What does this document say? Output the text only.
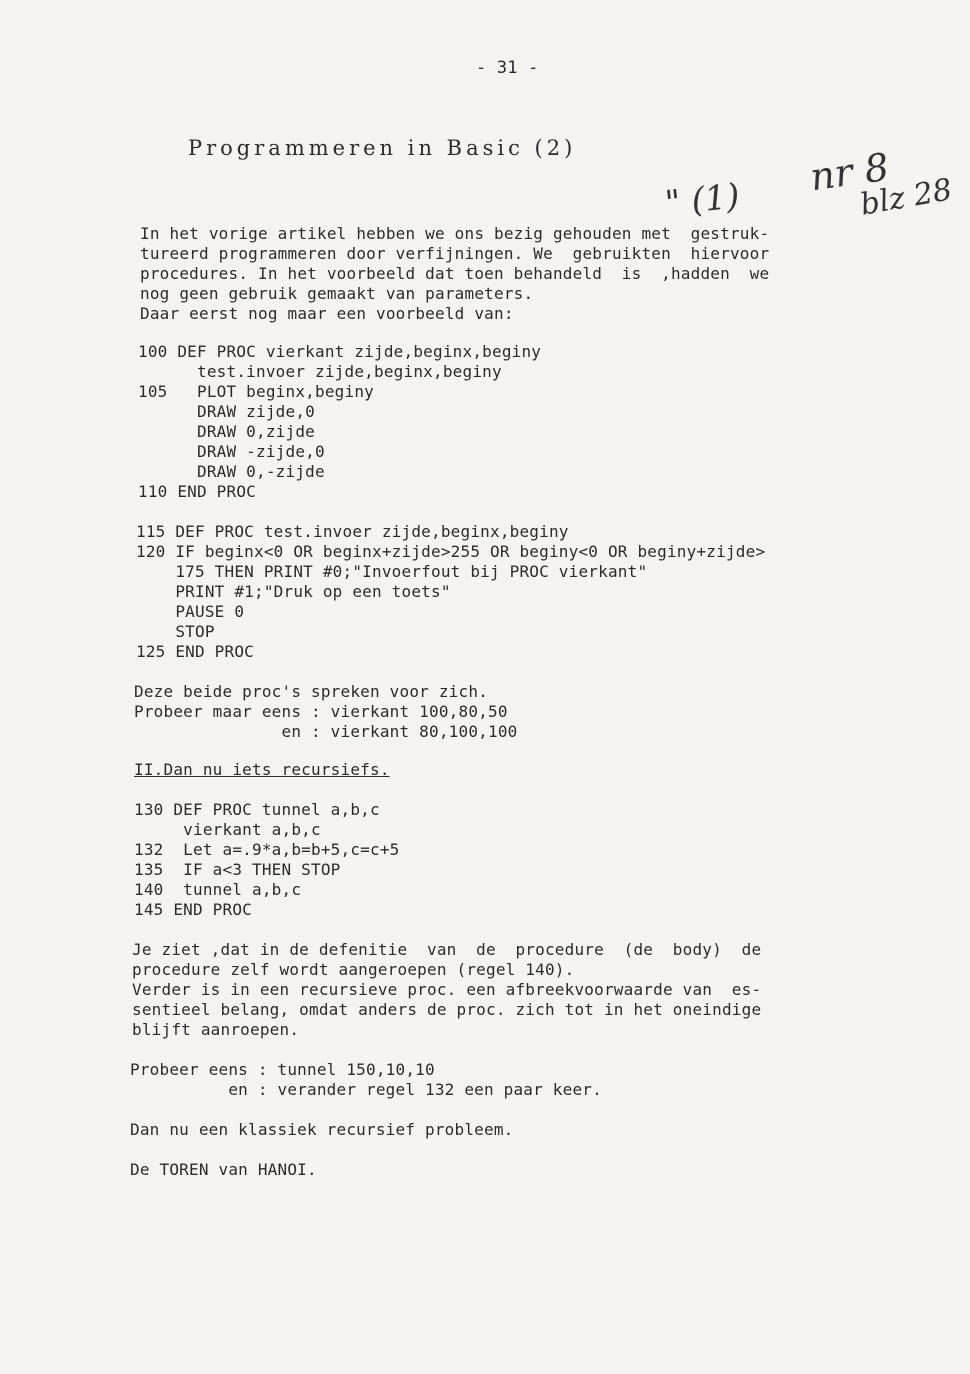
- 31 -
Programmeren in Basic (2)	nr 8
blz 28
" (1)
In het vorige artikel hebben we ons bezig gehouden met  gestruk-
tureerd programmeren door verfijningen. We  gebruikten  hiervoor
procedures. In het voorbeeld dat toen behandeld  is  ,hadden  we
nog geen gebruik gemaakt van parameters.
Daar eerst nog maar een voorbeeld van:
100 DEF PROC vierkant zijde,beginx,beginy
test.invoer zijde,beginx,beginy
105   PLOT beginx,beginy
DRAW zijde,0
DRAW 0,zijde
DRAW -zijde,0
DRAW 0,-zijde
110 END PROC
115 DEF PROC test.invoer zijde,beginx,beginy
120 IF beginx<0 OR beginx+zijde>255 OR beginy<0 OR beginy+zijde>
175 THEN PRINT #0;"Invoerfout bij PROC vierkant"
PRINT #1;"Druk op een toets"
PAUSE 0
STOP
125 END PROC
Deze beide proc's spreken voor zich.
Probeer maar eens : vierkant 100,80,50
en : vierkant 80,100,100
II.Dan nu iets recursiefs.
130 DEF PROC tunnel a,b,c
vierkant a,b,c
132  Let a=.9*a,b=b+5,c=c+5
135  IF a<3 THEN STOP
140  tunnel a,b,c
145 END PROC
Je ziet ,dat in de defenitie  van  de  procedure  (de  body)  de
procedure zelf wordt aangeroepen (regel 140).
Verder is in een recursieve proc. een afbreekvoorwaarde van  es-
sentieel belang, omdat anders de proc. zich tot in het oneindige
blijft aanroepen.
Probeer eens : tunnel 150,10,10
en : verander regel 132 een paar keer.
Dan nu een klassiek recursief probleem.
De TOREN van HANOI.
